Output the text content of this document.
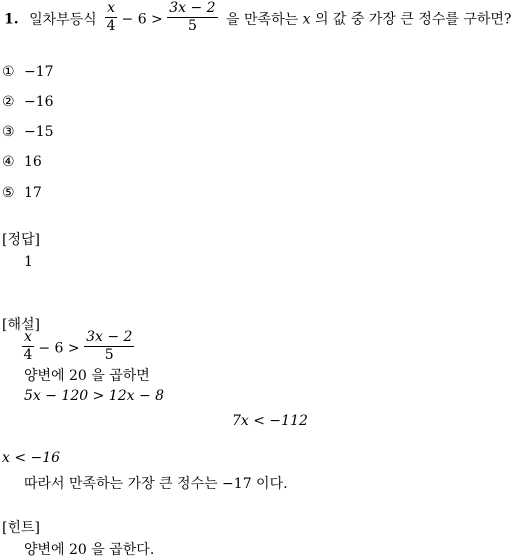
1. 일차부등식 $\frac{x}{4} - 6 > \frac{3x - 2}{5}$ 을 만족하는 x 의 값 중 가장 큰 정수를 구하면?
① −17
② −16
③ −15
④ 16
⑤ 17
[정답]
1
[해설]
$\frac{x}{4} - 6 > \frac{3x - 2}{5}$
양변에 20 을 곱하면
5x − 120 > 12x − 8
7x < −112
x < −16
따라서 만족하는 가장 큰 정수는 −17 이다.
[힌트]
양변에 20 을 곱한다.
